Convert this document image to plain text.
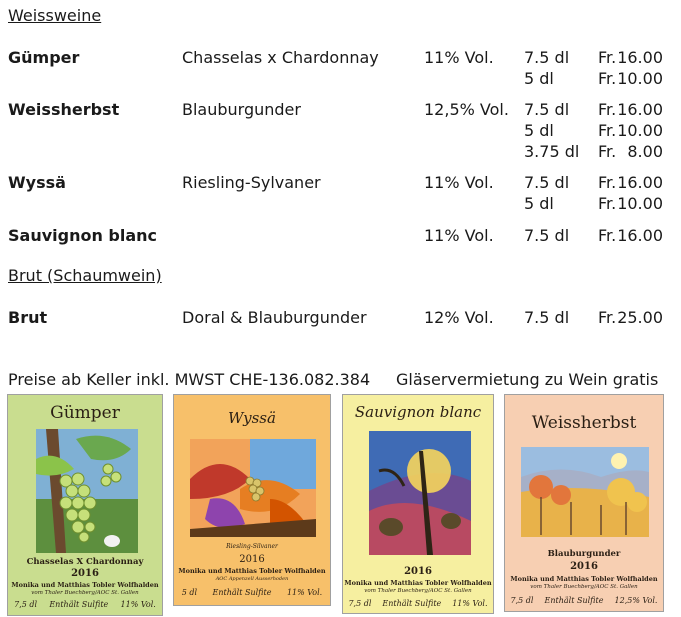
Weissweine
Gümper	Chasselas x Chardonnay	11% Vol. 7.5 dl Fr. 16.00
5 dl	Fr. 10.00
Weissherbst	Blauburgunder	12,5% Vol. 7.5 dl Fr. 16.00
5 dl	Fr. 10.00
3.75 dl Fr. 8.00
Wyssä	Riesling-Sylvaner	11% Vol. 7.5 dl Fr. 16.00
5 dl	Fr. 10.00
Sauvignon blanc	11% Vol. 7.5 dl Fr. 16.00
Brut (Schaumwein)
Brut	Doral & Blauburgunder	12% Vol. 7.5 dl Fr. 25.00
Preise ab Keller inkl. MWST CHE-136.082.384 Gläservermietung zu Wein gratis
Gümper
Chasselas X Chardonnay
2016
Monika und Matthias Tobler Wolfhalden
vom Thaler Buechberg/AOC St. Gallen
7,5 dl Enthält Sulfite 11% Vol.
Wyssä
Riesling-Silvaner
2016
Monika und Matthias Tobler Wolfhalden
AOC Appenzell Ausserhoden
5 dl Enthält Sulfite 11% Vol.
Sauvignon blanc
2016
Monika und Matthias Tobler Wolfhalden
vom Thaler Buechberg/AOC St. Gallen
7,5 dl Enthält Sulfite 11% Vol.
Weissherbst
Blauburgunder
2016
Monika und Matthias Tobler Wolfhalden
vom Thaler Buechberg/AOC St. Gallen
7,5 dl Enthält Sulfite 12,5% Vol.
